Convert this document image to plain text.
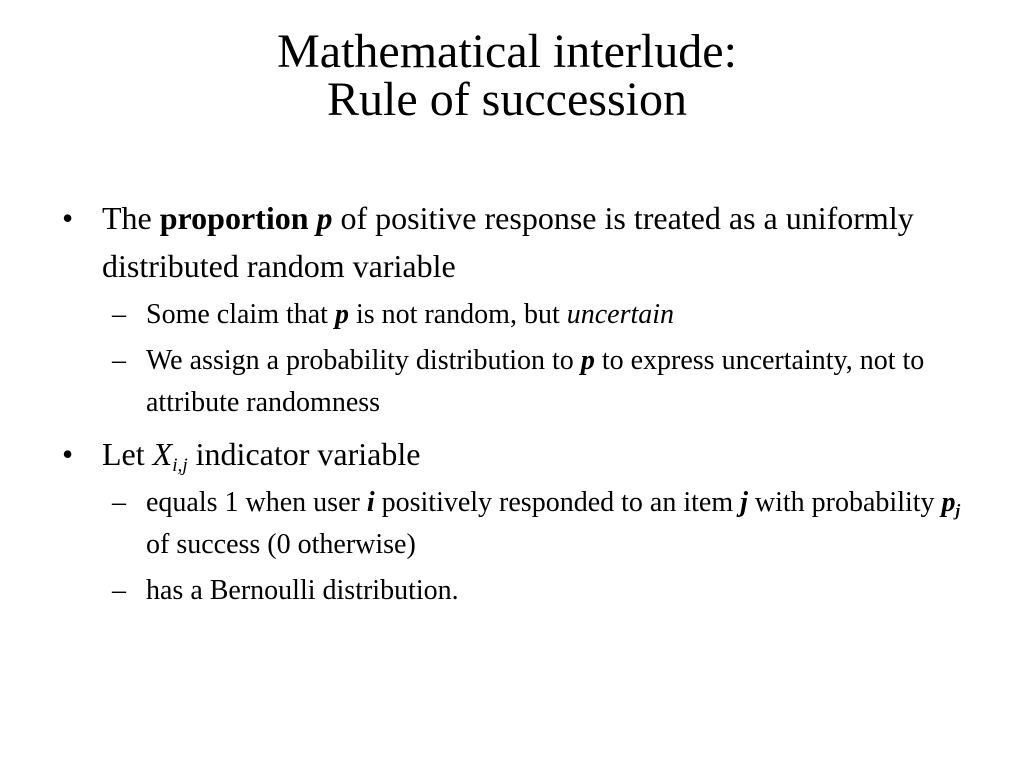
Mathematical interlude:
Rule of succession
• The proportion p of positive response is treated as a uniformly distributed random variable
– Some claim that p is not random, but uncertain
– We assign a probability distribution to p to express uncertainty, not to attribute randomness
• Let $X_{i,j}$ indicator variable
– equals 1 when user i positively responded to an item j with probability $p_j$ of success (0 otherwise)
– has a Bernoulli distribution.
